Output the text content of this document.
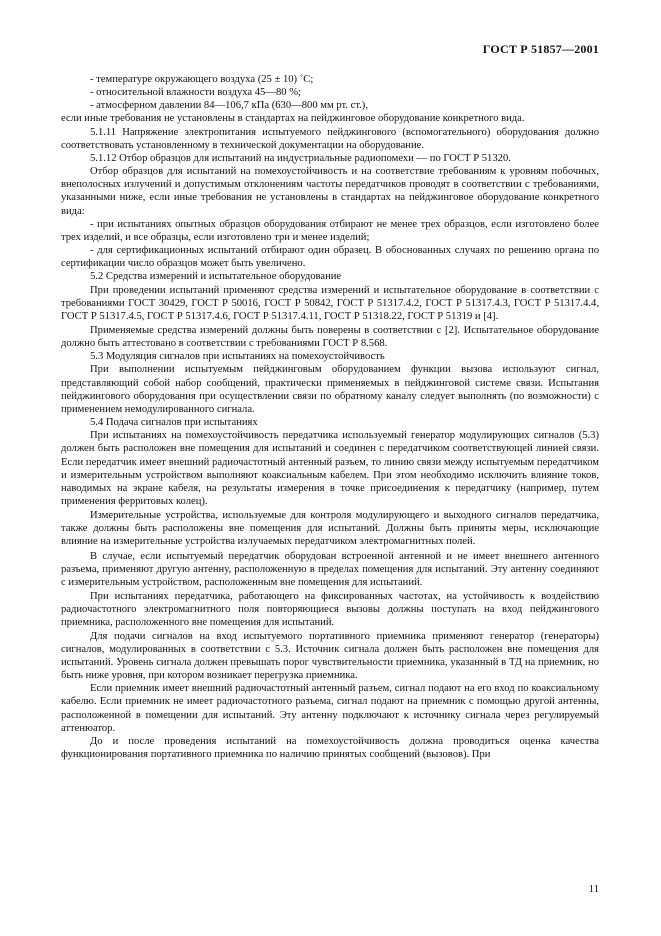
ГОСТ Р 51857—2001

- температуре окружающего воздуха (25 ± 10) ˚С;

- относительной влажности воздуха 45—80 %;

- атмосферном давлении 84—106,7 кПа (630—800 мм рт. ст.),

если иные требования не установлены в стандартах на пейджинговое оборудование конкретного вида.

5.1.11 Напряжение электропитания испытуемого пейджингового (вспомогательного) оборудования должно соответствовать установленному в технической документации на оборудование.

5.1.12 Отбор образцов для испытаний на индустриальные радиопомехи — по ГОСТ Р 51320.

Отбор образцов для испытаний на помехоустойчивость и на соответствие требованиям к уровням побочных, внеполосных излучений и допустимым отклонениям частоты передатчиков проводят в соответствии с требованиями, указанными ниже, если иные требования не установлены в стандартах на пейджинговое оборудование конкретного вида:

- при испытаниях опытных образцов оборудования отбирают не менее трех образцов, если изготовлено более трех изделий, и все образцы, если изготовлено три и менее изделий;

- для сертификационных испытаний отбирают один образец. В обоснованных случаях по решению органа по сертификации число образцов может быть увеличено.

5.2 Средства измерений и испытательное оборудование

При проведении испытаний применяют средства измерений и испытательное оборудование в соответствии с требованиями ГОСТ 30429, ГОСТ Р 50016, ГОСТ Р 50842, ГОСТ Р 51317.4.2, ГОСТ Р 51317.4.3, ГОСТ Р 51317.4.4, ГОСТ Р 51317.4.5, ГОСТ Р 51317.4.6, ГОСТ Р 51317.4.11, ГОСТ Р 51318.22, ГОСТ Р 51319 и [4].

Применяемые средства измерений должны быть поверены в соответствии с [2]. Испытательное оборудование должно быть аттестовано в соответствии с требованиями ГОСТ Р 8.568.

5.3 Модуляция сигналов при испытаниях на помехоустойчивость

При выполнении испытуемым пейджинговым оборудованием функции вызова используют сигнал, представляющий собой набор сообщений, практически применяемых в пейджинговой системе связи. Испытания пейджингового оборудования при осуществлении связи по обратному каналу следует выполнять (по возможности) с применением немодулированного сигнала.

5.4 Подача сигналов при испытаниях

При испытаниях на помехоустойчивость передатчика используемый генератор модулирующих сигналов (5.3) должен быть расположен вне помещения для испытаний и соединен с передатчиком соответствующей линией связи. Если передатчик имеет внешний радиочастотный антенный разъем, то линию связи между испытуемым передатчиком и измерительным устройством выполняют коаксиальным кабелем. При этом необходимо исключить влияние токов, наводимых на экране кабеля, на результаты измерения в точке присоединения к передатчику (например, путем применения ферритовых колец).

Измерительные устройства, используемые для контроля модулирующего и выходного сигналов передатчика, также должны быть расположены вне помещения для испытаний. Должны быть приняты меры, исключающие влияние на измерительные устройства излучаемых передатчиком электромагнитных полей.

В случае, если испытуемый передатчик оборудован встроенной антенной и не имеет внешнего антенного разъема, применяют другую антенну, расположенную в пределах помещения для испытаний. Эту антенну соединяют с измерительным устройством, расположенным вне помещения для испытаний.

При испытаниях передатчика, работающего на фиксированных частотах, на устойчивость к воздействию радиочастотного электромагнитного поля повторяющиеся вызовы должны поступать на вход пейджингового приемника, расположенного вне помещения для испытаний.

Для подачи сигналов на вход испытуемого портативного приемника применяют генератор (генераторы) сигналов, модулированных в соответствии с 5.3. Источник сигнала должен быть расположен вне помещения для испытаний. Уровень сигнала должен превышать порог чувствительности приемника, указанный в ТД на приемник, но быть ниже уровня, при котором возникает перегрузка приемника.

Если приемник имеет внешний радиочастотный антенный разъем, сигнал подают на его вход по коаксиальному кабелю. Если приемник не имеет радиочастотного разъема, сигнал подают на приемник с помощью другой антенны, расположенной в помещении для испытаний. Эту антенну подключают к источнику сигнала через регулируемый аттенюатор.

До и после проведения испытаний на помехоустойчивость должна проводиться оценка качества функционирования портативного приемника по наличию принятых сообщений (вызовов). При

11
